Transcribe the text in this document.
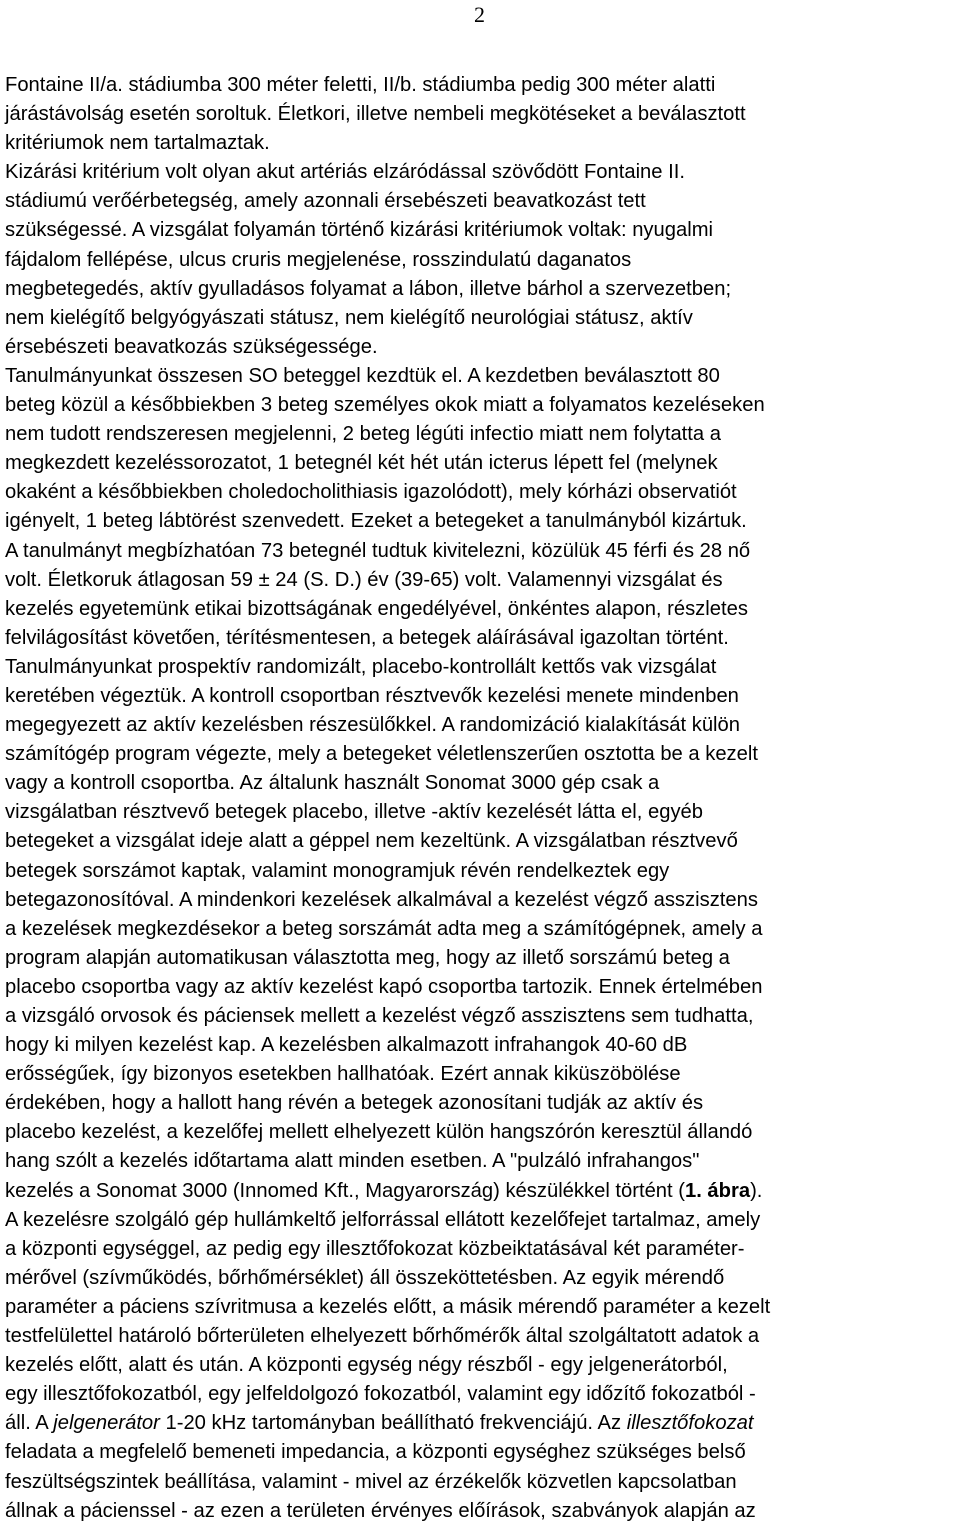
2
Fontaine II/a. stádiumba 300 méter feletti, II/b. stádiumba pedig 300 méter alatti
járástávolság esetén soroltuk. Életkori, illetve nembeli megkötéseket a beválasztott
kritériumok nem tartalmaztak.
Kizárási kritérium volt olyan akut artériás elzáródással szövődött Fontaine II.
stádiumú verőérbetegség, amely azonnali érsebészeti beavatkozást tett
szükségessé. A vizsgálat folyamán történő kizárási kritériumok voltak: nyugalmi
fájdalom fellépése, ulcus cruris megjelenése, rosszindulatú daganatos
megbetegedés, aktív gyulladásos folyamat a lábon, illetve bárhol a szervezetben;
nem kielégítő belgyógyászati státusz, nem kielégítő neurológiai státusz, aktív
érsebészeti beavatkozás szükségessége.
Tanulmányunkat összesen SO beteggel kezdtük el. A kezdetben beválasztott 80
beteg közül a későbbiekben 3 beteg személyes okok miatt a folyamatos kezeléseken
nem tudott rendszeresen megjelenni, 2 beteg légúti infectio miatt nem folytatta a
megkezdett kezeléssorozatot, 1 betegnél két hét után icterus lépett fel (melynek
okaként a későbbiekben choledocholithiasis igazolódott), mely kórházi observatiót
igényelt, 1 beteg lábtörést szenvedett. Ezeket a betegeket a tanulmányból kizártuk.
A tanulmányt megbízhatóan 73 betegnél tudtuk kivitelezni, közülük 45 férfi és 28 nő
volt. Életkoruk átlagosan 59 ± 24 (S. D.) év (39-65) volt. Valamennyi vizsgálat és
kezelés egyetemünk etikai bizottságának engedélyével, önkéntes alapon, részletes
felvilágosítást követően, térítésmentesen, a betegek aláírásával igazoltan történt.
Tanulmányunkat prospektív randomizált, placebo-kontrollált kettős vak vizsgálat
keretében végeztük. A kontroll csoportban résztvevők kezelési menete mindenben
megegyezett az aktív kezelésben részesülőkkel. A randomizáció kialakítását külön
számítógép program végezte, mely a betegeket véletlenszerűen osztotta be a kezelt
vagy a kontroll csoportba. Az általunk használt Sonomat 3000 gép csak a
vizsgálatban résztvevő betegek placebo, illetve -aktív kezelését látta el, egyéb
betegeket a vizsgálat ideje alatt a géppel nem kezeltünk. A vizsgálatban résztvevő
betegek sorszámot kaptak, valamint monogramjuk révén rendelkeztek egy
betegazonosítóval. A mindenkori kezelések alkalmával a kezelést végző asszisztens
a kezelések megkezdésekor a beteg sorszámát adta meg a számítógépnek, amely a
program alapján automatikusan választotta meg, hogy az illető sorszámú beteg a
placebo csoportba vagy az aktív kezelést kapó csoportba tartozik. Ennek értelmében
a vizsgáló orvosok és páciensek mellett a kezelést végző asszisztens sem tudhatta,
hogy ki milyen kezelést kap. A kezelésben alkalmazott infrahangok 40-60 dB
erősségűek, így bizonyos esetekben hallhatóak. Ezért annak kiküszöbölése
érdekében, hogy a hallott hang révén a betegek azonosítani tudják az aktív és
placebo kezelést, a kezelőfej mellett elhelyezett külön hangszórón keresztül állandó
hang szólt a kezelés időtartama alatt minden esetben. A "pulzáló infrahangos"
kezelés a Sonomat 3000 (Innomed Kft., Magyarország) készülékkel történt (1. ábra).
A kezelésre szolgáló gép hullámkeltő jelforrással ellátott kezelőfejet tartalmaz, amely
a központi egységgel, az pedig egy illesztőfokozat közbeiktatásával két paraméter-
mérővel (szívműködés, bőrhőmérséklet) áll összeköttetésben. Az egyik mérendő
paraméter a páciens szívritmusa a kezelés előtt, a másik mérendő paraméter a kezelt
testfelülettel határoló bőrterületen elhelyezett bőrhőmérők által szolgáltatott adatok a
kezelés előtt, alatt és után. A központi egység négy részből - egy jelgenerátorból,
egy illesztőfokozatból, egy jelfeldolgozó fokozatból, valamint egy időzítő fokozatból -
áll. A jelgenerátor 1-20 kHz tartományban beállítható frekvenciájú. Az illesztőfokozat
feladata a megfelelő bemeneti impedancia, a központi egységhez szükséges belső
feszültségszintek beállítása, valamint - mivel az érzékelők közvetlen kapcsolatban
állnak a pácienssel - az ezen a területen érvényes előírások, szabványok alapján az
